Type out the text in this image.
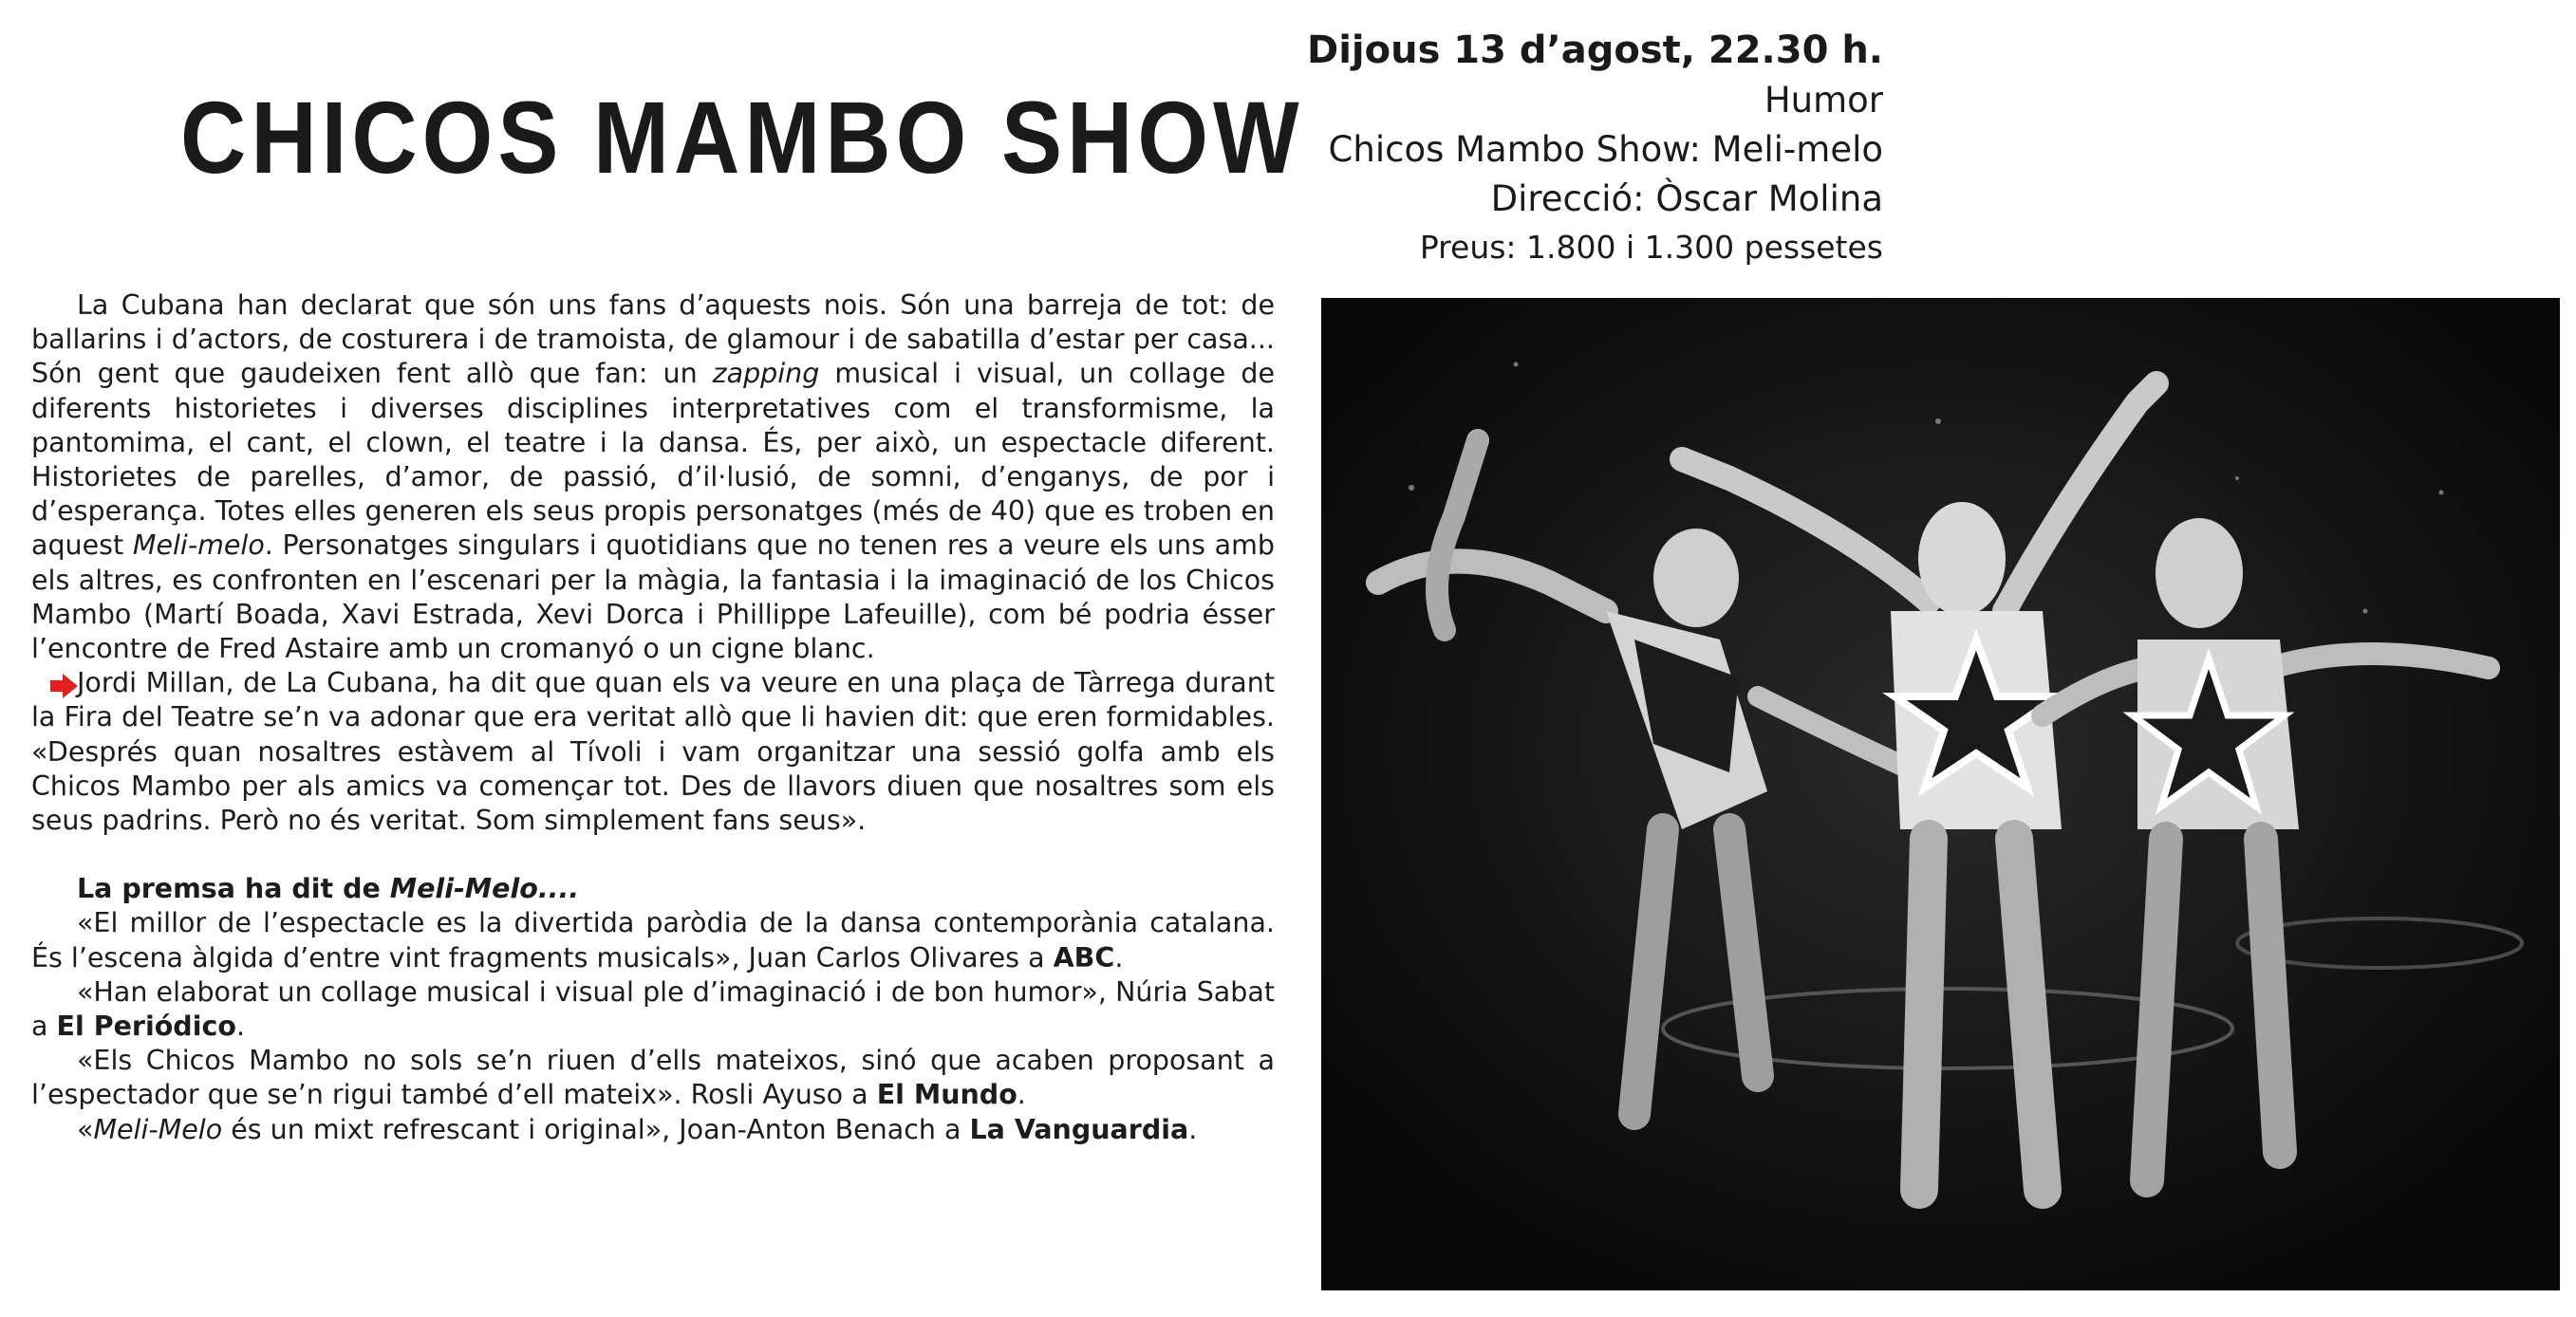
CHICOS MAMBO SHOW
Dijous 13 d’agost, 22.30 h.
Humor
Chicos Mambo Show: Meli-melo
Direcció: Òscar Molina
Preus: 1.800 i 1.300 pessetes

La Cubana han declarat que són uns fans d’aquests nois. Són una barreja de tot: de ballarins i d’actors, de costurera i de tramoista, de glamour i de sabatilla d’estar per casa... Són gent que gaudeixen fent allò que fan: un zapping musical i visual, un collage de diferents historietes i diverses disciplines interpretatives com el transformisme, la pantomima, el cant, el clown, el teatre i la dansa. És, per això, un espectacle diferent. Historietes de parelles, d’amor, de passió, d’il·lusió, de somni, d’enganys, de por i d’esperança. Totes elles generen els seus propis personatges (més de 40) que es troben en aquest Meli-melo. Personatges singulars i quotidians que no tenen res a veure els uns amb els altres, es confronten en l’escenari per la màgia, la fantasia i la imaginació de los Chicos Mambo (Martí Boada, Xavi Estrada, Xevi Dorca i Phillippe Lafeuille), com bé podria ésser l’encontre de Fred Astaire amb un cromanyó o un cigne blanc.

Jordi Millan, de La Cubana, ha dit que quan els va veure en una plaça de Tàrrega durant la Fira del Teatre se’n va adonar que era veritat allò que li havien dit: que eren formidables. «Després quan nosaltres estàvem al Tívoli i vam organitzar una sessió golfa amb els Chicos Mambo per als amics va començar tot. Des de llavors diuen que nosaltres som els seus padrins. Però no és veritat. Som simplement fans seus».

La premsa ha dit de Meli-Melo....

«El millor de l’espectacle es la divertida paròdia de la dansa contemporània catalana. És l’escena àlgida d’entre vint fragments musicals», Juan Carlos Olivares a ABC.

«Han elaborat un collage musical i visual ple d’imaginació i de bon humor», Núria Sabat a El Periódico.

«Els Chicos Mambo no sols se’n riuen d’ells mateixos, sinó que acaben proposant a l’espectador que se’n rigui també d’ell mateix». Rosli Ayuso a El Mundo.

«Meli-Melo és un mixt refrescant i original», Joan-Anton Benach a La Vanguardia.
